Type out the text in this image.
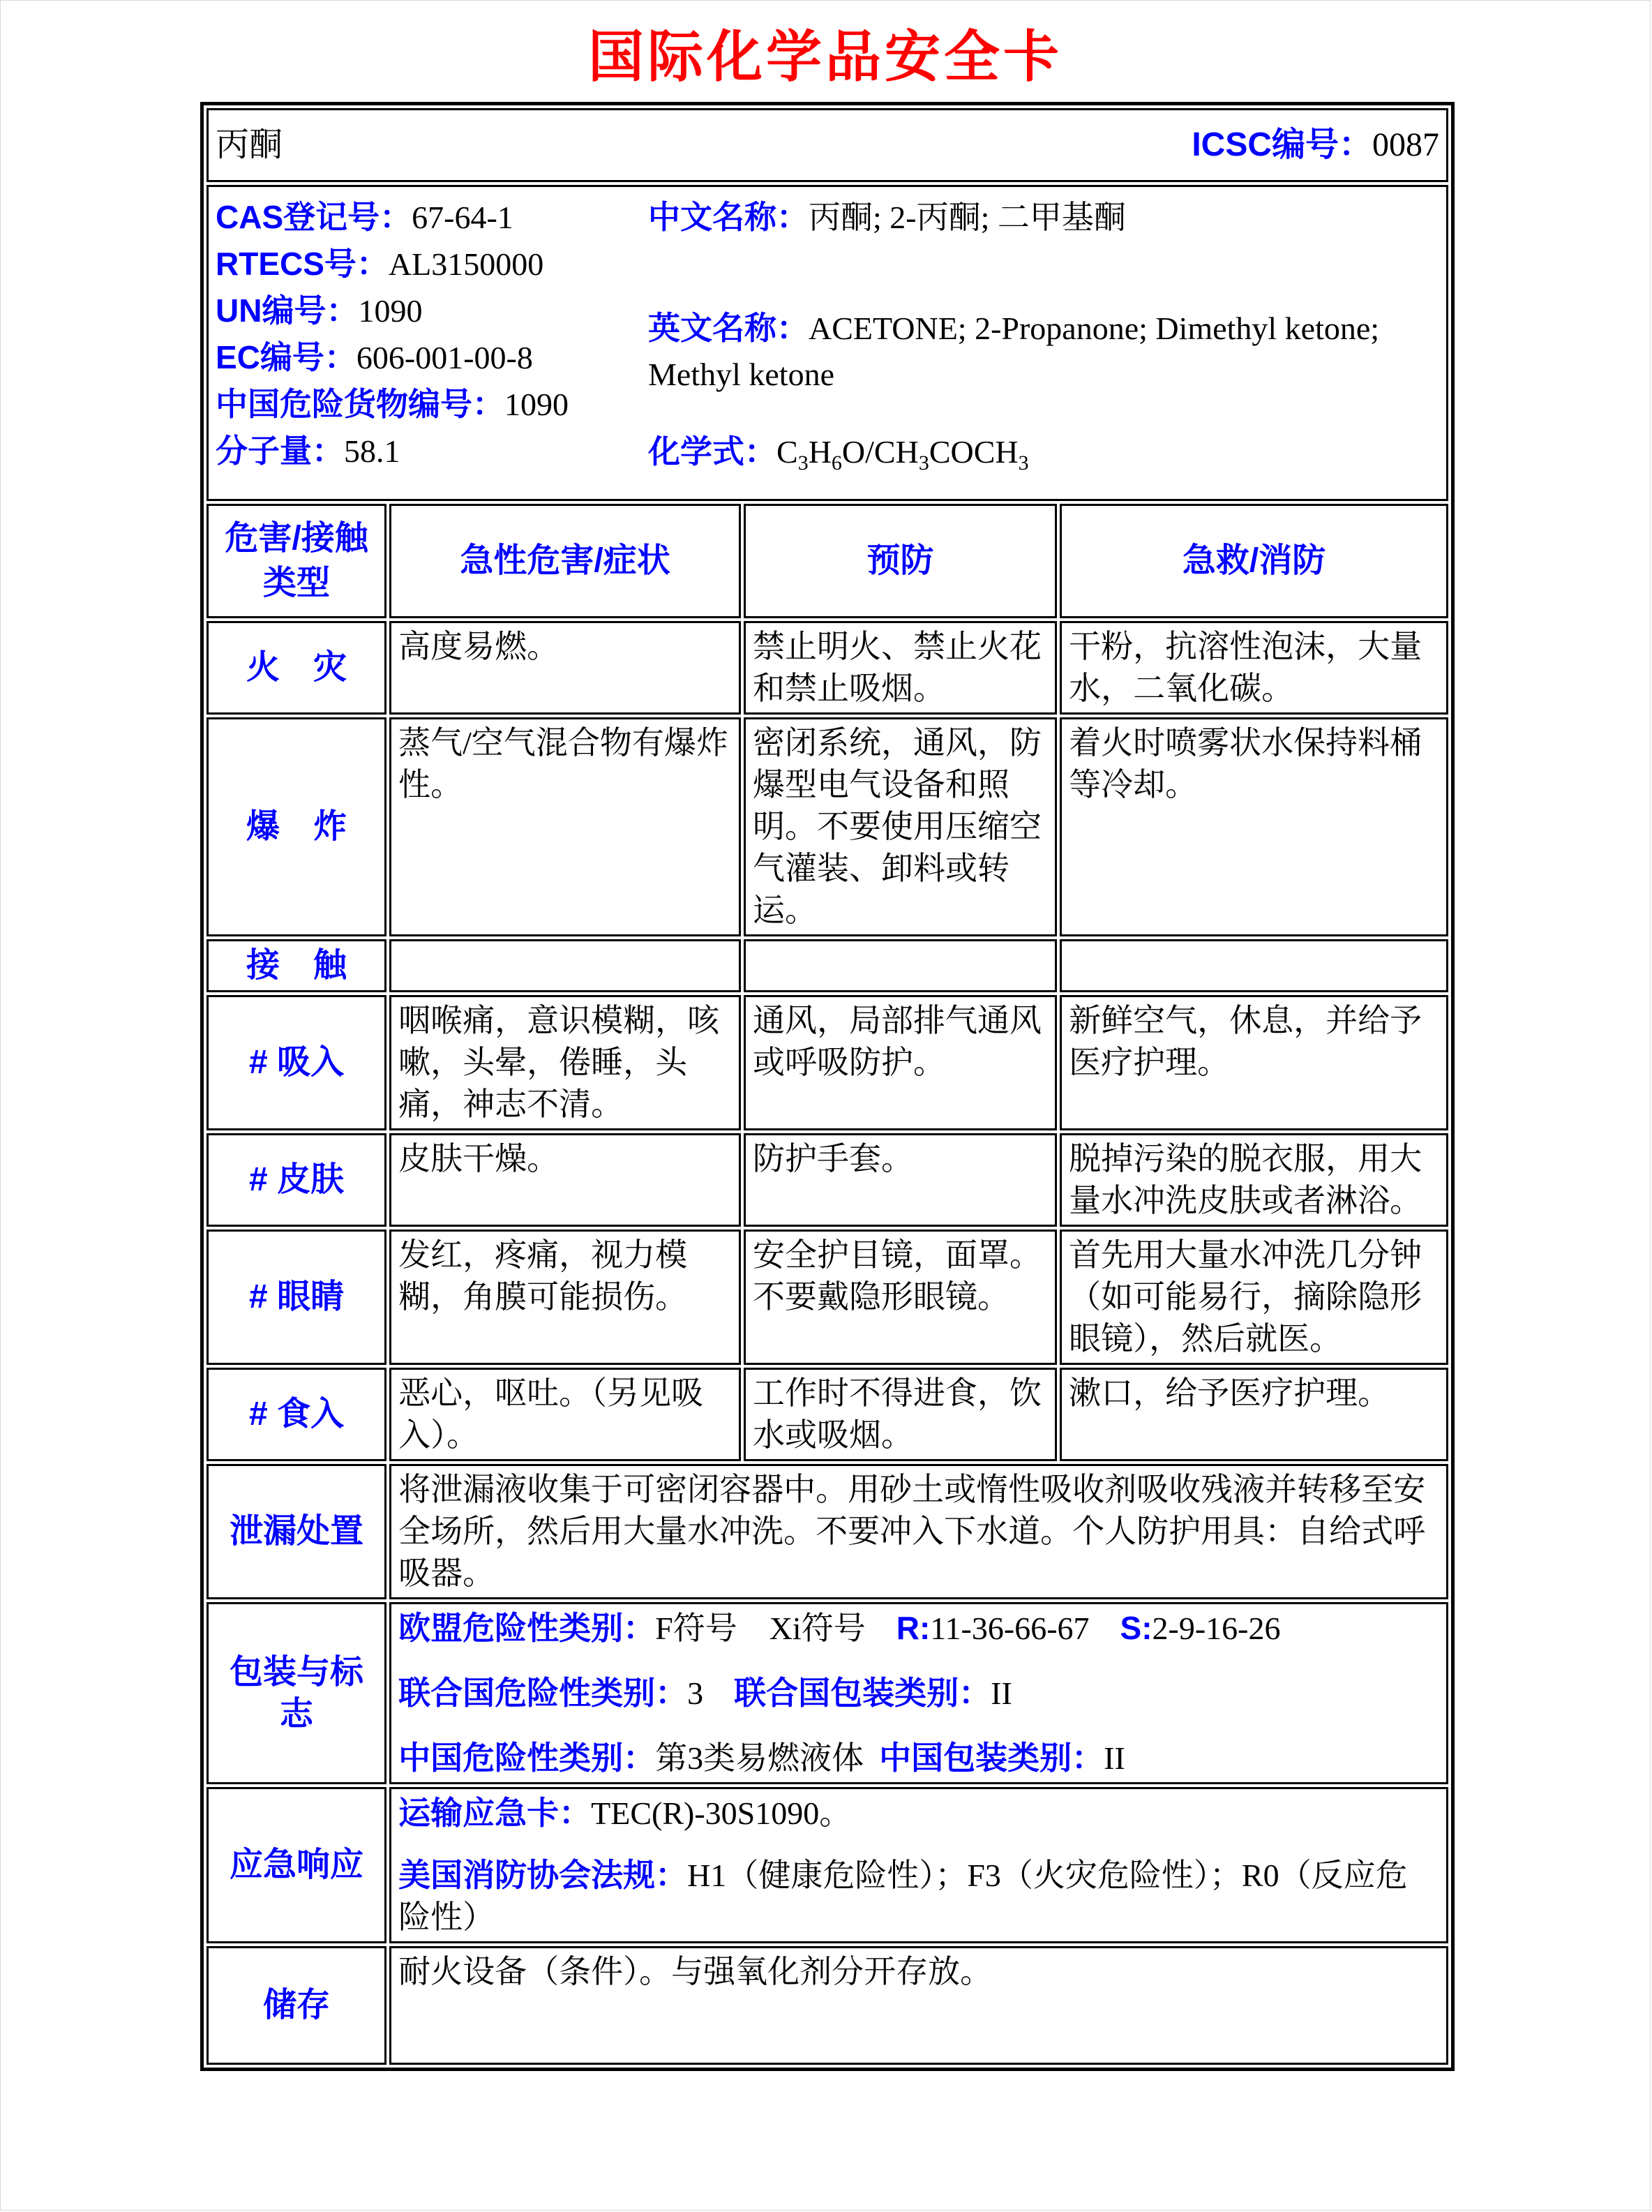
国际化学品安全卡
丙酮 ICSC编号：0087			

CAS登记号：67-64-1
RTECS号：AL3150000
UN编号：1090
EC编号：606-001-00-8
中国危险货物编号：1090
分子量：58.1
中文名称：丙酮; 2-丙酮; 二甲基酮
英文名称：ACETONE; 2-Propanone; Dimethyl ketone; Methyl ketone
化学式：$C_3H_6O/CH_3COCH_3$

危害/接触类型	急性危害/症状	预防	急救/消防
火　灾	高度易燃。	禁止明火、禁止火花和禁止吸烟。	干粉，抗溶性泡沫，大量水，二氧化碳。
爆　炸	蒸气/空气混合物有爆炸性。	密闭系统，通风，防爆型电气设备和照明。不要使用压缩空气灌装、卸料或转运。	着火时喷雾状水保持料桶等冷却。
接　触			
# 吸入	咽喉痛，意识模糊，咳嗽，头晕，倦睡，头痛，神志不清。	通风，局部排气通风或呼吸防护。	新鲜空气，休息，并给予医疗护理。
# 皮肤	皮肤干燥。	防护手套。	脱掉污染的脱衣服，用大量水冲洗皮肤或者淋浴。
# 眼睛	发红，疼痛，视力模糊，角膜可能损伤。	安全护目镜，面罩。不要戴隐形眼镜。	首先用大量水冲洗几分钟（如可能易行，摘除隐形眼镜），然后就医。
# 食入	恶心，呕吐。（另见吸入）。	工作时不得进食，饮水或吸烟。	漱口，给予医疗护理。
泄漏处置	将泄漏液收集于可密闭容器中。用砂土或惰性吸收剂吸收残液并转移至安全场所，然后用大量水冲洗。不要冲入下水道。个人防护用具：自给式呼吸器。		
包装与标志	欧盟危险性类别：F符号　Xi符号 R:11-36-66-67 S:2-9-16-26

联合国危险性类别：3 联合国包装类别：II

中国危险性类别：第3类易燃液体 中国包装类别：II		

应急响应	运输应急卡：TEC(R)-30S1090。

美国消防协会法规：H1（健康危险性）；F3（火灾危险性）；R0（反应危险性）		

储存	耐火设备（条件）。与强氧化剂分开存放。		
